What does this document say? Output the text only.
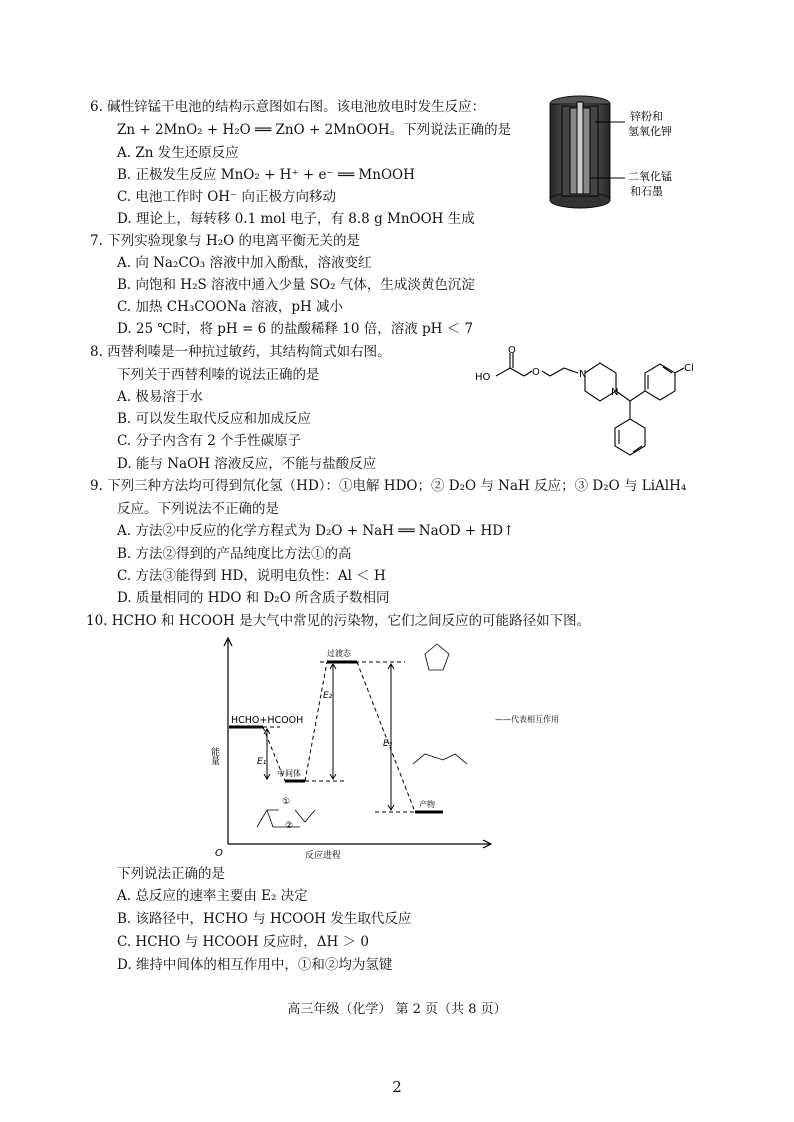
6. 碱性锌锰干电池的结构示意图如右图。该电池放电时发生反应：
Zn + 2MnO₂ + H₂O ══ ZnO + 2MnOOH。下列说法正确的是
A. Zn 发生还原反应
B. 正极发生反应 MnO₂ + H⁺ + e⁻ ══ MnOOH
C. 电池工作时 OH⁻ 向正极方向移动
D. 理论上，每转移 0.1 mol 电子，有 8.8 g MnOOH 生成
锌粉和
氢氧化钾
二氧化锰
和石墨
7. 下列实验现象与 H₂O 的电离平衡无关的是
A. 向 Na₂CO₃ 溶液中加入酚酞，溶液变红
B. 向饱和 H₂S 溶液中通入少量 SO₂ 气体，生成淡黄色沉淀
C. 加热 CH₃COONa 溶液，pH 减小
D. 25 ℃时，将 pH = 6 的盐酸稀释 10 倍，溶液 pH ＜ 7
8. 西替利嗪是一种抗过敏药，其结构简式如右图。
下列关于西替利嗪的说法正确的是
A. 极易溶于水
B. 可以发生取代反应和加成反应
C. 分子内含有 2 个手性碳原子
D. 能与 NaOH 溶液反应，不能与盐酸反应
HO
O
O	N
N
Cl
9. 下列三种方法均可得到氘化氢（HD）：①电解 HDO；② D₂O 与 NaH 反应；③ D₂O 与 LiAlH₄
反应。下列说法不正确的是
A. 方法②中反应的化学方程式为 D₂O + NaH ══ NaOD + HD↑
B. 方法②得到的产品纯度比方法①的高
C. 方法③能得到 HD，说明电负性：Al ＜ H
D. 质量相同的 HDO 和 D₂O 所含质子数相同
10. HCHO 和 HCOOH 是大气中常见的污染物，它们之间反应的可能路径如下图。
能量
反应进程
O
HCHO+HCOOH
中间体
过渡态
产物
E₁
E₂
E₃
——代表相互作用
①
②
下列说法正确的是
A. 总反应的速率主要由 E₂ 决定
B. 该路径中，HCHO 与 HCOOH 发生取代反应
C. HCHO 与 HCOOH 反应时，ΔH ＞ 0
D. 维持中间体的相互作用中，①和②均为氢键
高三年级（化学） 第 2 页（共 8 页）
2
